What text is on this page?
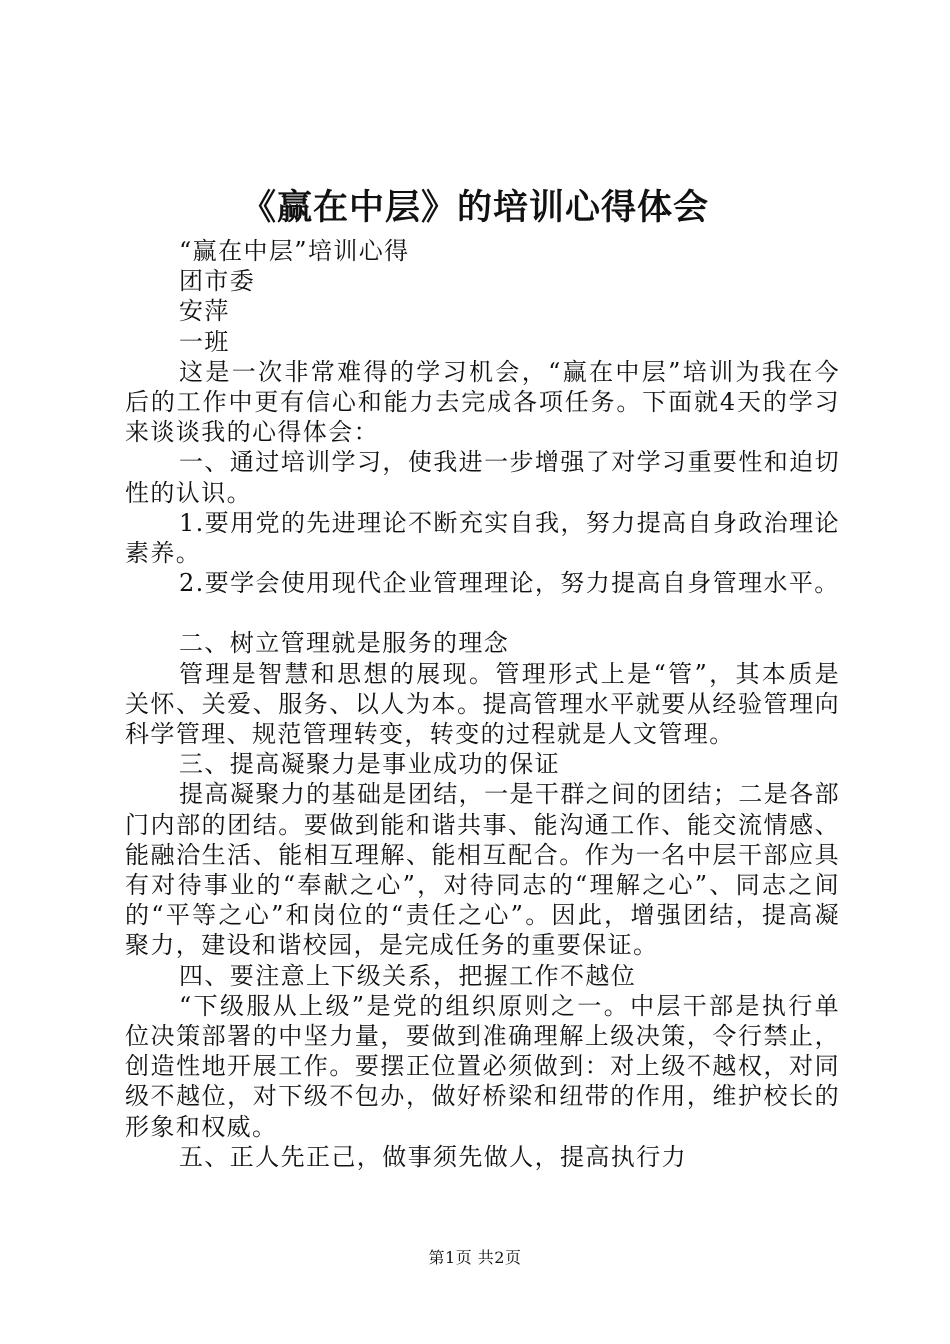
《赢在中层》的培训心得体会

“赢在中层”培训心得

团市委

安萍

一班

这是一次非常难得的学习机会，“赢在中层”培训为我在今后的工作中更有信心和能力去完成各项任务。下面就4天的学习来谈谈我的心得体会：

一、通过培训学习，使我进一步增强了对学习重要性和迫切性的认识。

1.要用党的先进理论不断充实自我，努力提高自身政治理论素养。

2.要学会使用现代企业管理理论，努力提高自身管理水平。

二、树立管理就是服务的理念

管理是智慧和思想的展现。管理形式上是“管”，其本质是关怀、关爱、服务、以人为本。提高管理水平就要从经验管理向科学管理、规范管理转变，转变的过程就是人文管理。

三、提高凝聚力是事业成功的保证

提高凝聚力的基础是团结，一是干群之间的团结；二是各部门内部的团结。要做到能和谐共事、能沟通工作、能交流情感、能融洽生活、能相互理解、能相互配合。作为一名中层干部应具有对待事业的“奉献之心”，对待同志的“理解之心”、同志之间的“平等之心”和岗位的“责任之心”。因此，增强团结，提高凝聚力，建设和谐校园，是完成任务的重要保证。

四、要注意上下级关系，把握工作不越位

“下级服从上级”是党的组织原则之一。中层干部是执行单位决策部署的中坚力量，要做到准确理解上级决策，令行禁止，创造性地开展工作。要摆正位置必须做到：对上级不越权，对同级不越位，对下级不包办，做好桥梁和纽带的作用，维护校长的形象和权威。

五、正人先正己，做事须先做人，提高执行力

第1页 共2页
